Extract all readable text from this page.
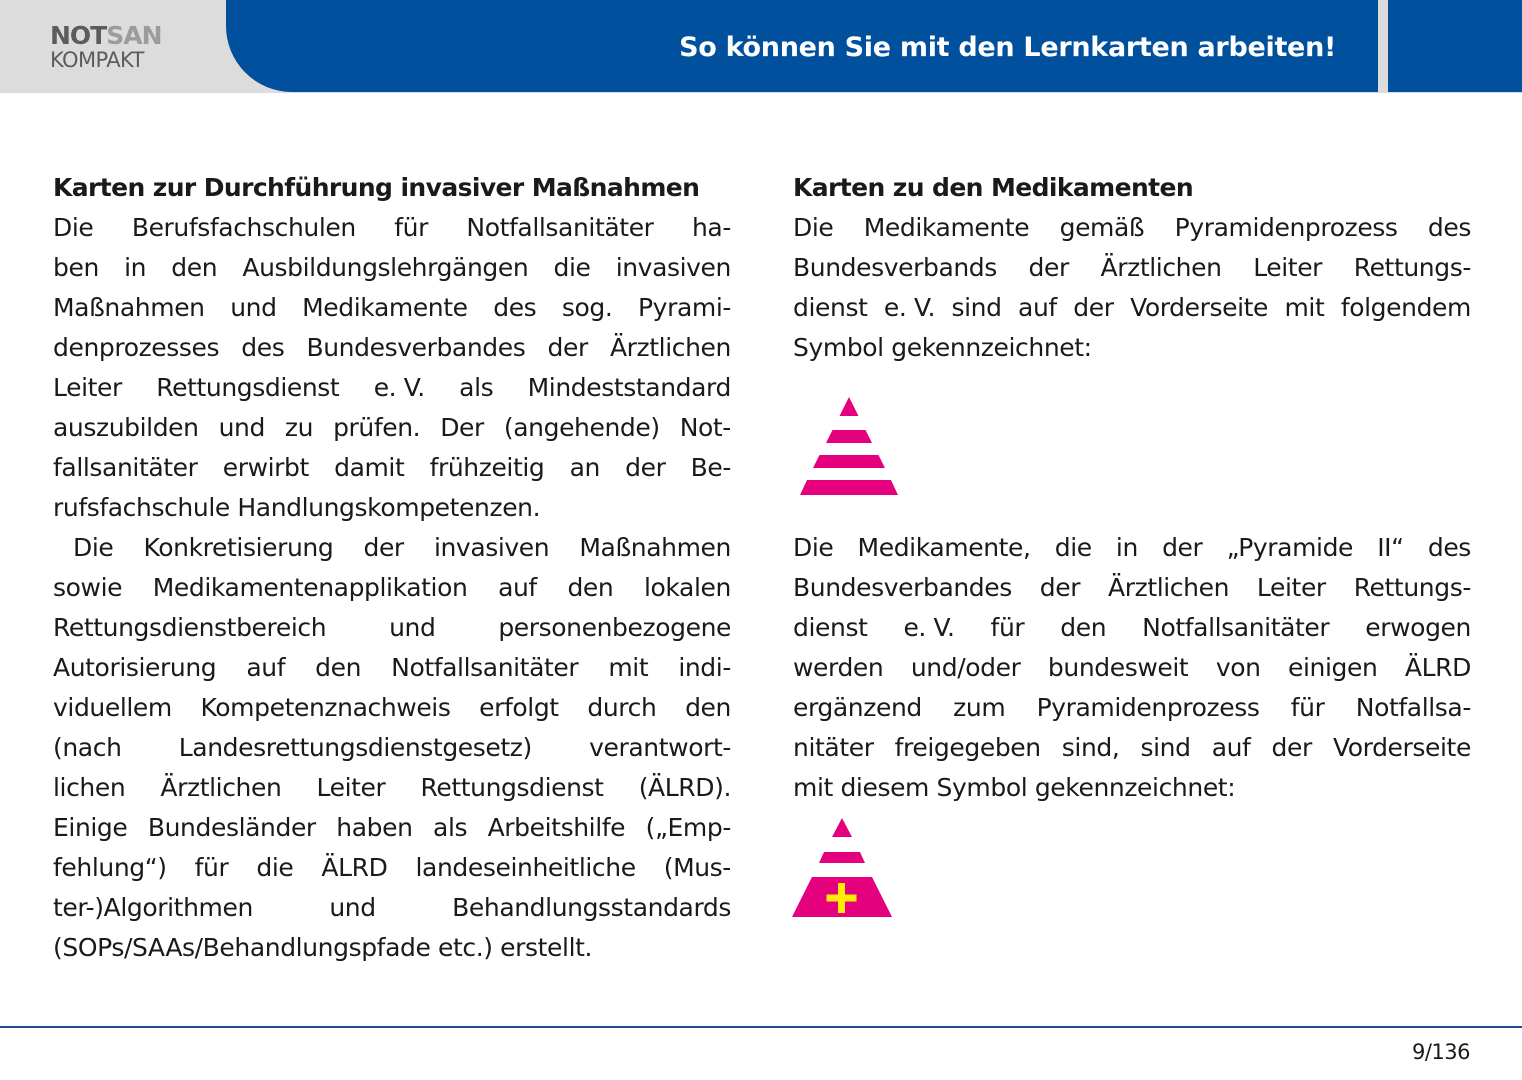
NOTSAN
KOMPAKT	So können Sie mit den Lernkarten arbeiten!
Karten zur Durchführung invasiver Maßnahmen
Die Berufsfachschulen für Notfallsanitäter ha-
ben in den Ausbildungslehrgängen die invasiven
Maßnahmen und Medikamente des sog. Pyrami-
denprozesses des Bundesverbandes der Ärztlichen
Leiter Rettungsdienst e. V. als Mindeststandard
auszubilden und zu prüfen. Der (angehende) Not-
fallsanitäter erwirbt damit frühzeitig an der Be-
rufsfachschule Handlungskompetenzen.
Die Konkretisierung der invasiven Maßnahmen
sowie Medikamentenapplikation auf den lokalen
Rettungsdienstbereich	und	personenbezogene
Autorisierung auf den Notfallsanitäter mit indi-
viduellem Kompetenznachweis erfolgt durch den
(nach Landesrettungsdienstgesetz) verantwort-
lichen Ärztlichen Leiter Rettungsdienst (ÄLRD).
Einige Bundesländer haben als Arbeitshilfe („Emp-
fehlung“) für die ÄLRD landeseinheitliche (Mus-
ter-)Algorithmen	und	Behandlungsstandards
(SOPs/SAAs/Behandlungspfade etc.) erstellt.
Karten zu den Medikamenten
Die Medikamente gemäß Pyramidenprozess des
Bundesverbands der Ärztlichen Leiter Rettungs-
dienst e. V. sind auf der Vorderseite mit folgendem
Symbol gekennzeichnet:
Die Medikamente, die in der „Pyramide II“ des
Bundesverbandes der Ärztlichen Leiter Rettungs-
dienst e. V. für den Notfallsanitäter erwogen
werden und/oder bundesweit von einigen ÄLRD
ergänzend zum Pyramidenprozess für Notfallsa-
nitäter freigegeben sind, sind auf der Vorderseite
mit diesem Symbol gekennzeichnet:
9/136
